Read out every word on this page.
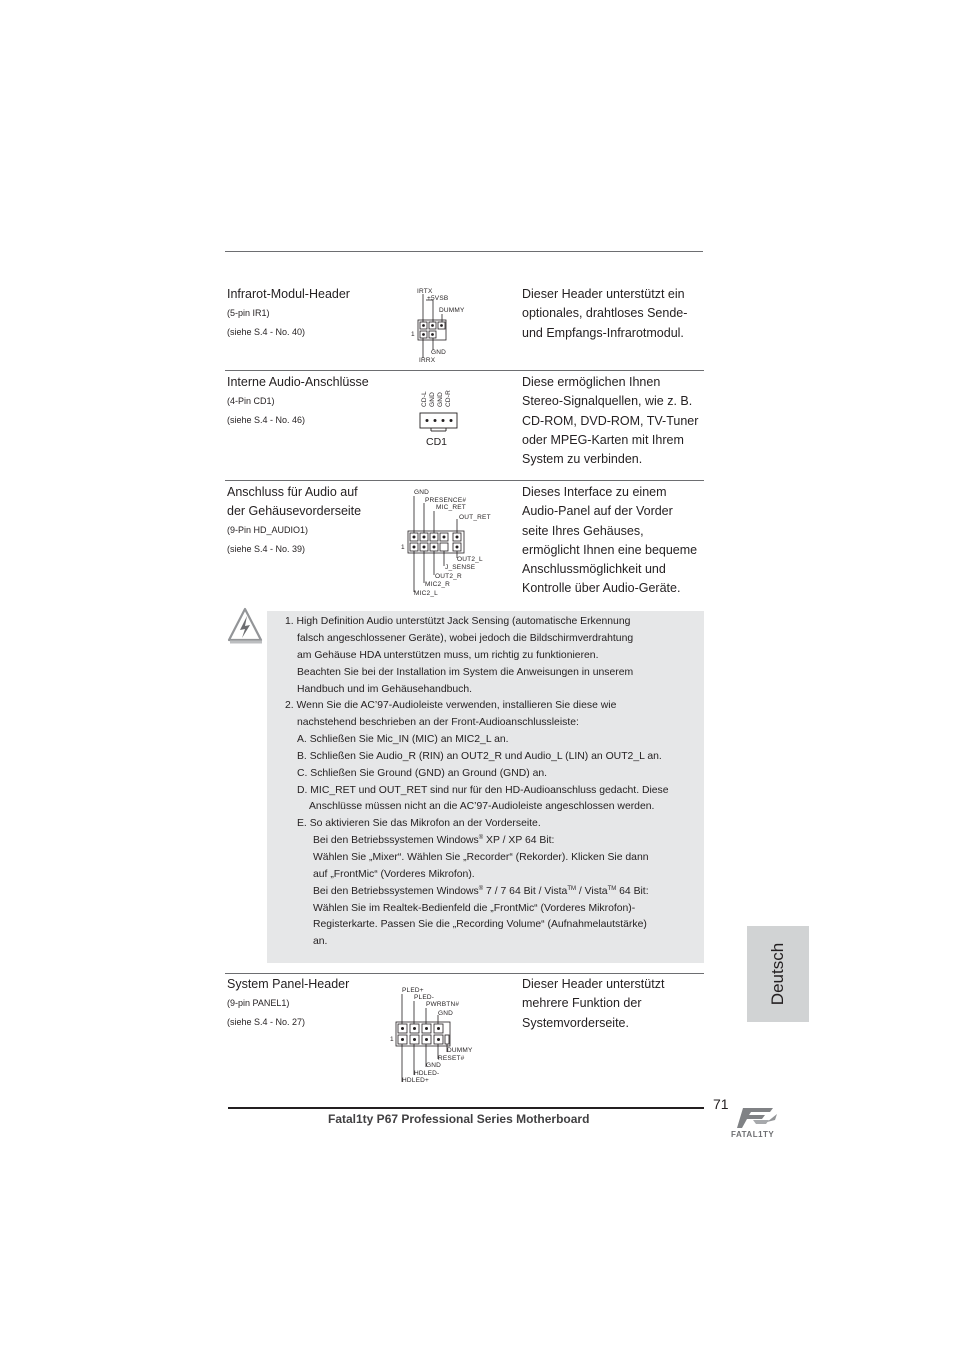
Infrarot-Modul-Header
(5-pin IR1)
(siehe S.4 - No. 40)
Dieser Header unterstützt ein
optionales, drahtloses Sende-
und Empfangs-Infrarotmodul.
IRTX
+5VSB
DUMMY
1
GND
IRRX
Interne Audio-Anschlüsse
(4-Pin CD1)
(siehe S.4 - No. 46)
Diese ermöglichen Ihnen
Stereo-Signalquellen, wie z. B.
CD-ROM, DVD-ROM, TV-Tuner
oder MPEG-Karten mit Ihrem
System zu verbinden.
CD-L GND GND CD-R
CD1
Anschluss für Audio auf
der Gehäusevorderseite
(9-Pin HD_AUDIO1)
(siehe S.4 - No. 39)
Dieses Interface zu einem
Audio-Panel auf der Vorder
seite Ihres Gehäuses,
ermöglicht Ihnen eine bequeme
Anschlussmöglichkeit und
Kontrolle über Audio-Geräte.
GND
PRESENCE#
MIC_RET
OUT_RET
1
OUT2_L
J_SENSE
OUT2_R
MIC2_R
MIC2_L
1. High Definition Audio unterstützt Jack Sensing (automatische Erkennung
falsch angeschlossener Geräte), wobei jedoch die Bildschirmverdrahtung
am Gehäuse HDA unterstützen muss, um richtig zu funktionieren.
Beachten Sie bei der Installation im System die Anweisungen in unserem
Handbuch und im Gehäusehandbuch.
2. Wenn Sie die AC’97-Audioleiste verwenden, installieren Sie diese wie
nachstehend beschrieben an der Front-Audioanschlussleiste:
A. Schließen Sie Mic_IN (MIC) an MIC2_L an.
B. Schließen Sie Audio_R (RIN) an OUT2_R und Audio_L (LIN) an OUT2_L an.
C. Schließen Sie Ground (GND) an Ground (GND) an.
D. MIC_RET und OUT_RET sind nur für den HD-Audioanschluss gedacht. Diese
Anschlüsse müssen nicht an die AC’97-Audioleiste angeschlossen werden.
E. So aktivieren Sie das Mikrofon an der Vorderseite.
Bei den Betriebssystemen Windows® XP / XP 64 Bit:
Wählen Sie „Mixer“. Wählen Sie „Recorder“ (Rekorder). Klicken Sie dann
auf „FrontMic“ (Vorderes Mikrofon).
Bei den Betriebssystemen Windows® 7 / 7 64 Bit / Vista™ / Vista™ 64 Bit:
Wählen Sie im Realtek-Bedienfeld die „FrontMic“ (Vorderes Mikrofon)-
Registerkarte. Passen Sie die „Recording Volume“ (Aufnahmelautstärke)
an.
Deutsch
System Panel-Header
(9-pin PANEL1)
(siehe S.4 - No. 27)
Dieser Header unterstützt
mehrere Funktion der
Systemvorderseite.
PLED+
PLED-
PWRBTN#
GND
1
DUMMY
RESET#
GND
HDLED-
HDLED+
71
Fatal1ty P67 Professional Series Motherboard
FATAL1TY
